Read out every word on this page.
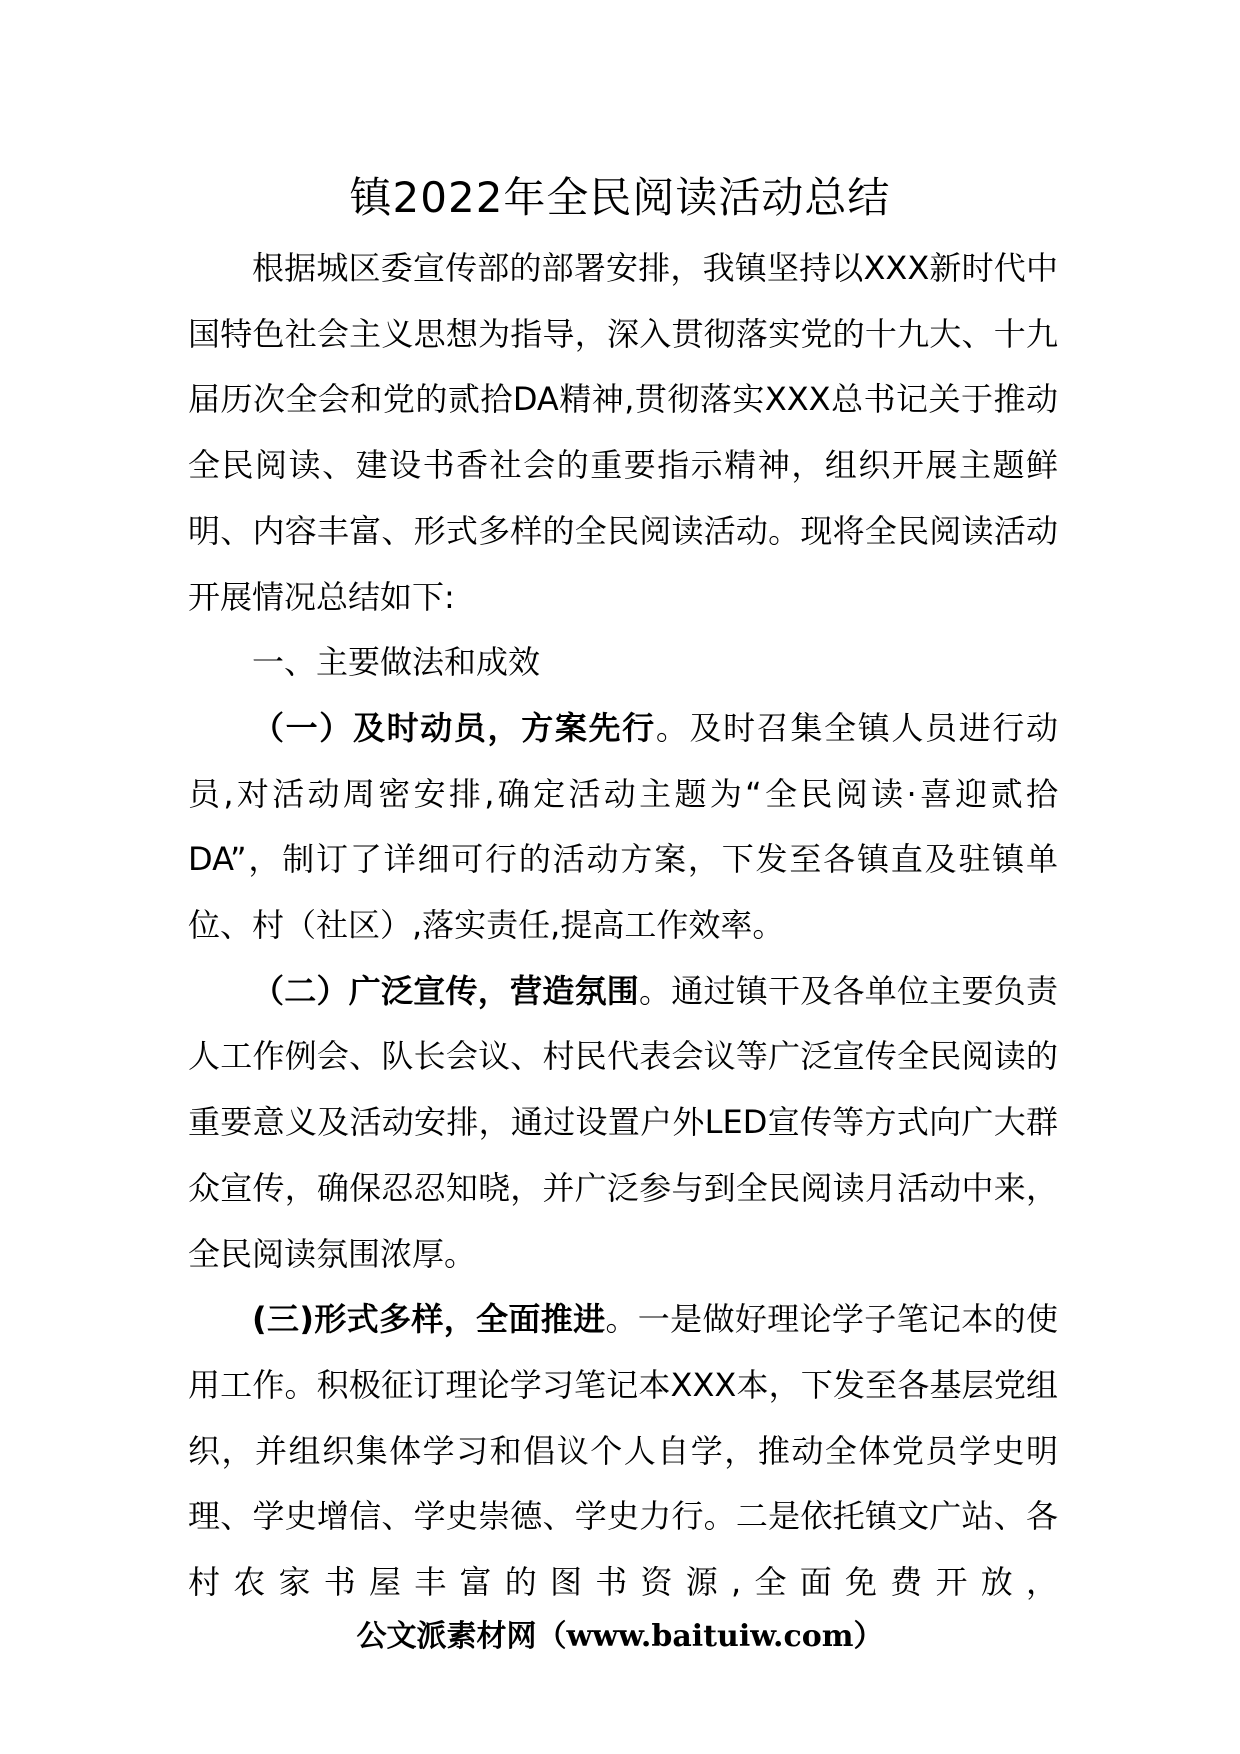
镇2022年全民阅读活动总结

根据城区委宣传部的部署安排，我镇坚持以XXX新时代中国特色社会主义思想为指导，深入贯彻落实党的十九大、十九届历次全会和党的贰拾DA精神,贯彻落实XXX总书记关于推动全民阅读、建设书香社会的重要指示精神，组织开展主题鲜明、内容丰富、形式多样的全民阅读活动。现将全民阅读活动开展情况总结如下:

一、主要做法和成效

（一）及时动员，方案先行。及时召集全镇人员进行动员,对活动周密安排,确定活动主题为“全民阅读·喜迎贰拾DA”，制订了详细可行的活动方案，下发至各镇直及驻镇单位、村（社区）,落实责任,提高工作效率。

（二）广泛宣传，营造氛围。通过镇干及各单位主要负责人工作例会、队长会议、村民代表会议等广泛宣传全民阅读的重要意义及活动安排，通过设置户外LED宣传等方式向广大群众宣传，确保忍忍知晓，并广泛参与到全民阅读月活动中来，全民阅读氛围浓厚。

(三)形式多样，全面推进。一是做好理论学子笔记本的使用工作。积极征订理论学习笔记本XXX本，下发至各基层党组织，并组织集体学习和倡议个人自学，推动全体党员学史明理、学史增信、学史崇德、学史力行。二是依托镇文广站、各村农家书屋丰富的图书资源,全面免费开放，

公文派素材网（www.baituiw.com）
